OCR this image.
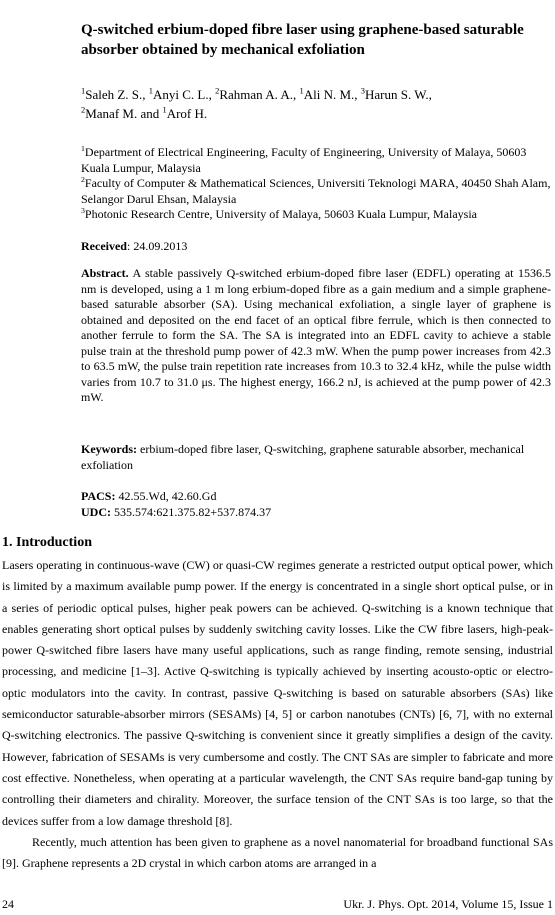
Q-switched erbium-doped fibre laser using graphene-based saturable absorber obtained by mechanical exfoliation
$^1$Saleh Z. S., $^1$Anyi C. L., $^2$Rahman A. A., $^1$Ali N. M., $^3$Harun S. W.,
$^2$Manaf M. and $^1$Arof H.
$^1$Department of Electrical Engineering, Faculty of Engineering, University of Malaya, 50603 Kuala Lumpur, Malaysia
$^2$Faculty of Computer & Mathematical Sciences, Universiti Teknologi MARA, 40450 Shah Alam, Selangor Darul Ehsan, Malaysia
$^3$Photonic Research Centre, University of Malaya, 50603 Kuala Lumpur, Malaysia
Received: 24.09.2013
Abstract. A stable passively Q-switched erbium-doped fibre laser (EDFL) operating at 1536.5 nm is developed, using a 1 m long erbium-doped fibre as a gain medium and a simple graphene-based saturable absorber (SA). Using mechanical exfoliation, a single layer of graphene is obtained and deposited on the end facet of an optical fibre ferrule, which is then connected to another ferrule to form the SA. The SA is integrated into an EDFL cavity to achieve a stable pulse train at the threshold pump power of 42.3 mW. When the pump power increases from 42.3 to 63.5 mW, the pulse train repetition rate increases from 10.3 to 32.4 kHz, while the pulse width varies from 10.7 to 31.0 μs. The highest energy, 166.2 nJ, is achieved at the pump power of 42.3 mW.
Keywords: erbium-doped fibre laser, Q-switching, graphene saturable absorber, mechanical exfoliation
PACS: 42.55.Wd, 42.60.Gd
UDC: 535.574:621.375.82+537.874.37
1. Introduction

Lasers operating in continuous-wave (CW) or quasi-CW regimes generate a restricted output optical power, which is limited by a maximum available pump power. If the energy is concentrated in a single short optical pulse, or in a series of periodic optical pulses, higher peak powers can be achieved. Q-switching is a known technique that enables generating short optical pulses by suddenly switching cavity losses. Like the CW fibre lasers, high-peak-power Q-switched fibre lasers have many useful applications, such as range finding, remote sensing, industrial processing, and medicine [1–3]. Active Q-switching is typically achieved by inserting acousto-optic or electro-optic modulators into the cavity. In contrast, passive Q-switching is based on saturable absorbers (SAs) like semiconductor saturable-absorber mirrors (SESAMs) [4, 5] or carbon nanotubes (CNTs) [6, 7], with no external Q-switching electronics. The passive Q-switching is convenient since it greatly simplifies a design of the cavity. However, fabrication of SESAMs is very cumbersome and costly. The CNT SAs are simpler to fabricate and more cost effective. Nonetheless, when operating at a particular wavelength, the CNT SAs require band-gap tuning by controlling their diameters and chirality. Moreover, the surface tension of the CNT SAs is too large, so that the devices suffer from a low damage threshold [8].

Recently, much attention has been given to graphene as a novel nanomaterial for broadband functional SAs [9]. Graphene represents a 2D crystal in which carbon atoms are arranged in a

24	Ukr. J. Phys. Opt. 2014, Volume 15, Issue 1
